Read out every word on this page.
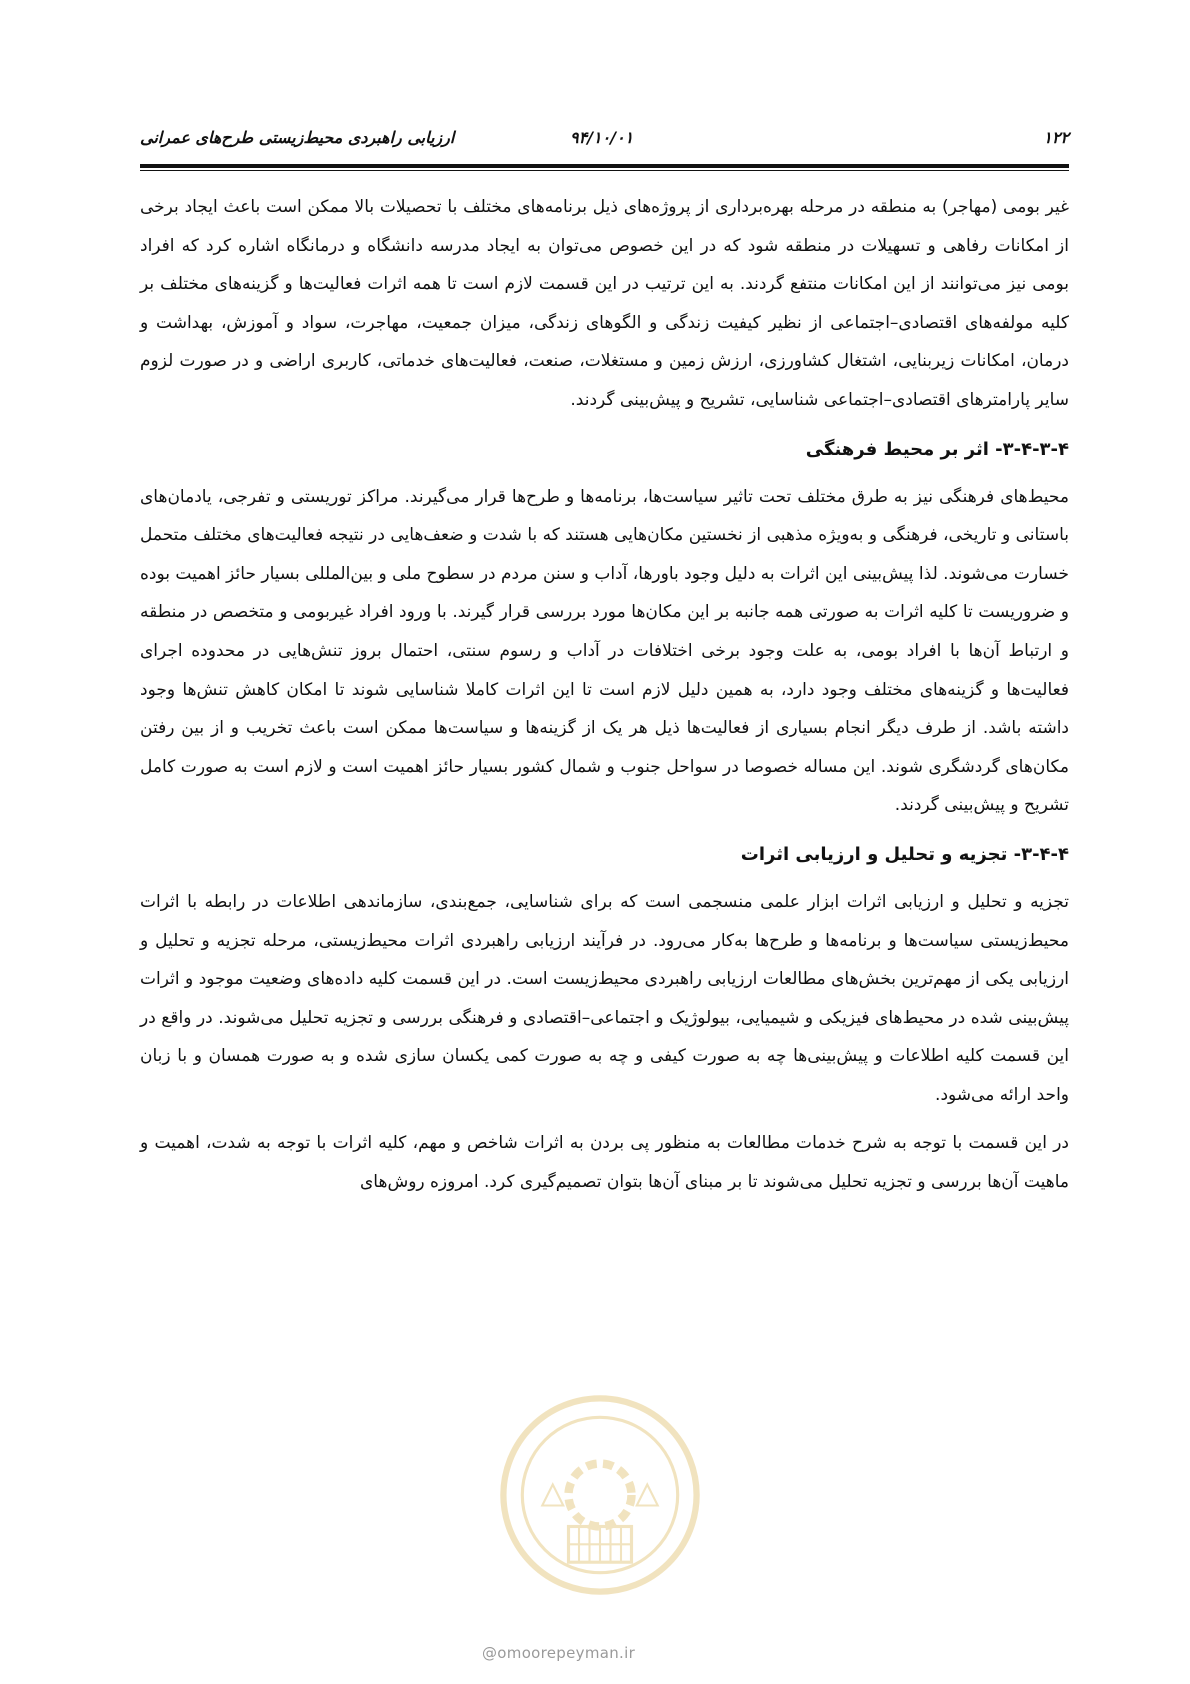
ارزیابی راهبردی محیط‌زیستی طرح‌های عمرانی	۹۴/۱۰/۰۱	۱۲۲

غیر بومی (مهاجر) به منطقه در مرحله بهره‌برداری از پروژه‌های ذیل برنامه‌های مختلف با تحصیلات بالا ممکن است باعث ایجاد برخی از امکانات رفاهی و تسهیلات در منطقه شود که در این خصوص می‌توان به ایجاد مدرسه دانشگاه و درمانگاه اشاره کرد که افراد بومی نیز می‌توانند از این امکانات منتفع گردند. به این ترتیب در این قسمت لازم است تا همه اثرات فعالیت‌ها و گزینه‌های مختلف بر کلیه مولفه‌های اقتصادی–اجتماعی از نظیر کیفیت زندگی و الگوهای زندگی، میزان جمعیت، مهاجرت، سواد و آموزش، بهداشت و درمان، امکانات زیربنایی، اشتغال کشاورزی، ارزش زمین و مستغلات، صنعت، فعالیت‌های خدماتی، کاربری اراضی و در صورت لزوم سایر پارامترهای اقتصادی–اجتماعی شناسایی، تشریح و پیش‌بینی گردند.

۳-۴-۳-۴- اثر بر محیط فرهنگی

محیط‌های فرهنگی نیز به طرق مختلف تحت تاثیر سیاست‌ها، برنامه‌ها و طرح‌ها قرار می‌گیرند. مراکز توریستی و تفرجی، یادمان‌های باستانی و تاریخی، فرهنگی و به‌ویژه مذهبی از نخستین مکان‌هایی هستند که با شدت و ضعف‌هایی در نتیجه فعالیت‌های مختلف متحمل خسارت می‌شوند. لذا پیش‌بینی این اثرات به دلیل وجود باورها، آداب و سنن مردم در سطوح ملی و بین‌المللی بسیار حائز اهمیت بوده و ضروریست تا کلیه اثرات به صورتی همه جانبه بر این مکان‌ها مورد بررسی قرار گیرند. با ورود افراد غیربومی و متخصص در منطقه و ارتباط آن‌ها با افراد بومی، به علت وجود برخی اختلافات در آداب و رسوم سنتی، احتمال بروز تنش‌هایی در محدوده اجرای فعالیت‌ها و گزینه‌های مختلف وجود دارد، به همین دلیل لازم است تا این اثرات کاملا شناسایی شوند تا امکان کاهش تنش‌ها وجود داشته باشد. از طرف دیگر انجام بسیاری از فعالیت‌ها ذیل هر یک از گزینه‌ها و سیاست‌ها ممکن است باعث تخریب و از بین رفتن مکان‌های گردشگری شوند. این مساله خصوصا در سواحل جنوب و شمال کشور بسیار حائز اهمیت است و لازم است به صورت کامل تشریح و پیش‌بینی گردند.

۳-۴-۴- تجزیه و تحلیل و ارزیابی اثرات

تجزیه و تحلیل و ارزیابی اثرات ابزار علمی منسجمی است که برای شناسایی، جمع‌بندی، سازماندهی اطلاعات در رابطه با اثرات محیط‌زیستی سیاست‌ها و برنامه‌ها و طرح‌ها به‌کار می‌رود. در فرآیند ارزیابی راهبردی اثرات محیط‌زیستی، مرحله تجزیه و تحلیل و ارزیابی یکی از مهم‌ترین بخش‌های مطالعات ارزیابی راهبردی محیط‌زیست است. در این قسمت کلیه داده‌های وضعیت موجود و اثرات پیش‌بینی شده در محیط‌های فیزیکی و شیمیایی، بیولوژیک و اجتماعی–اقتصادی و فرهنگی بررسی و تجزیه تحلیل می‌شوند. در واقع در این قسمت کلیه اطلاعات و پیش‌بینی‌ها چه به صورت کیفی و چه به صورت کمی یکسان سازی شده و به صورت همسان و با زبان واحد ارائه می‌شود.

در این قسمت با توجه به شرح خدمات مطالعات به منظور پی بردن به اثرات شاخص و مهم، کلیه اثرات با توجه به شدت، اهمیت و ماهیت آن‌ها بررسی و تجزیه تحلیل می‌شوند تا بر مبنای آن‌ها بتوان تصمیم‌گیری کرد. امروزه روش‌های

@omoorepeyman.ir
